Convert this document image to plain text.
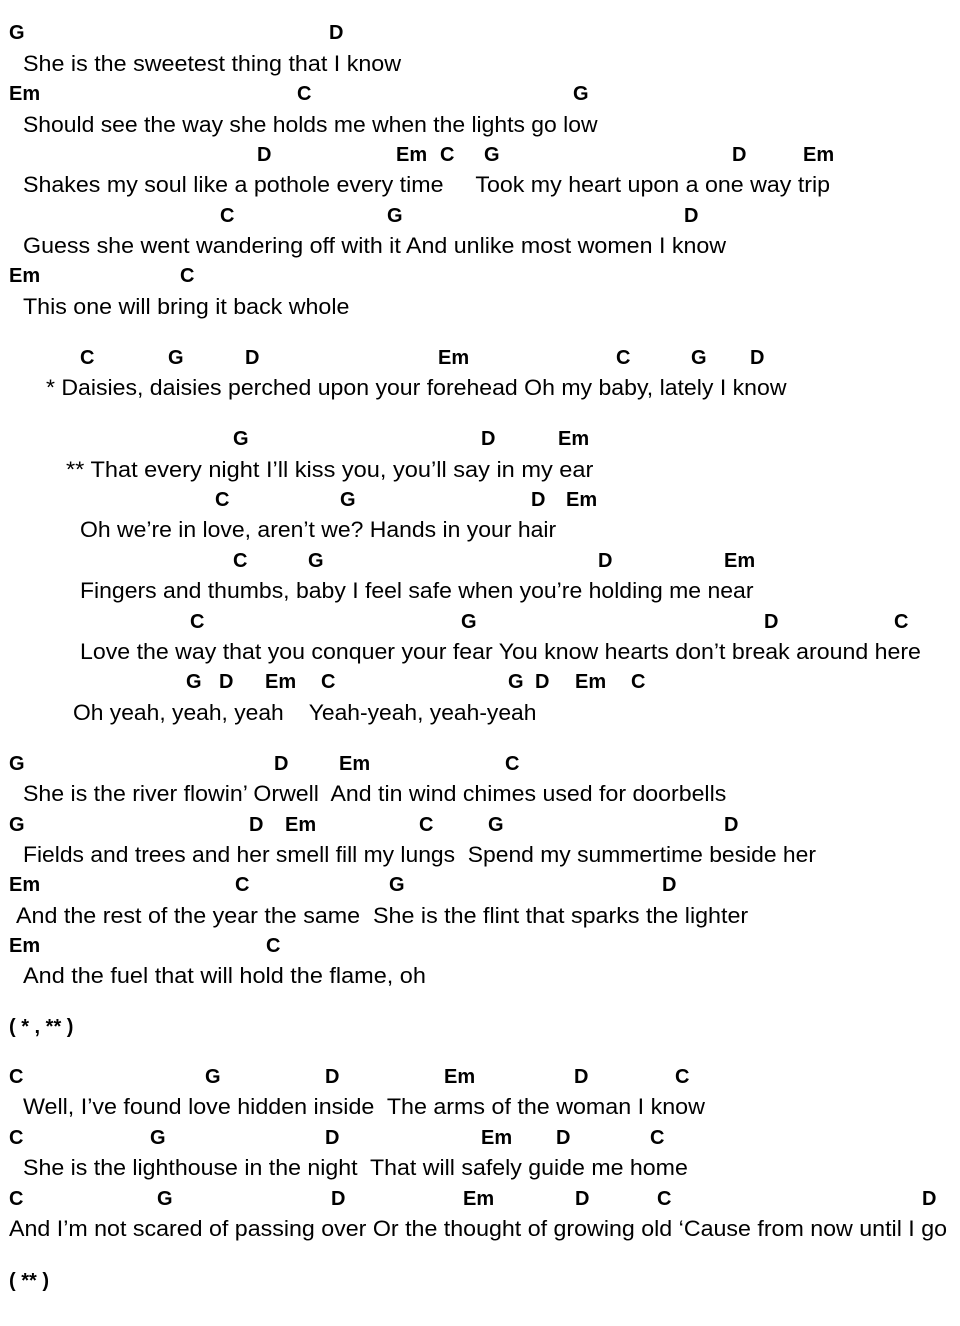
G	D
She is the sweetest thing that I know
Em	C	G
Should see the way she holds me when the lights go low
D	Em C G	D	Em
Shakes my soul like a pothole every time     Took my heart upon a one way trip
C	G	D
Guess she went wandering off with it And unlike most women I know
Em	C
This one will bring it back whole
C	G	D	Em	C	G D
* Daisies, daisies perched upon your forehead Oh my baby, lately I know
G	D	Em
** That every night I’ll kiss you, you’ll say in my ear
C	G	D Em
Oh we’re in love, aren’t we? Hands in your hair
C	G	D	Em
Fingers and thumbs, baby I feel safe when you’re holding me near
C	G	D	C
Love the way that you conquer your fear You know hearts don’t break around here
G D Em C	G D Em C
Oh yeah, yeah, yeah    Yeah-yeah, yeah-yeah
G	D	Em	C
She is the river flowin’ Orwell  And tin wind chimes used for doorbells
G	D Em	C	G	D
Fields and trees and her smell fill my lungs  Spend my summertime beside her
Em	C	G	D
And the rest of the year the same  She is the flint that sparks the lighter
Em	C
And the fuel that will hold the flame, oh
( * , ** )
C	G	D	Em	D	C
Well, I’ve found love hidden inside  The arms of the woman I know
C	G	D	Em D	C
She is the lighthouse in the night  That will safely guide me home
C	G	D	Em	D	C	D
And I’m not scared of passing over Or the thought of growing old ‘Cause from now until I go
( ** )
